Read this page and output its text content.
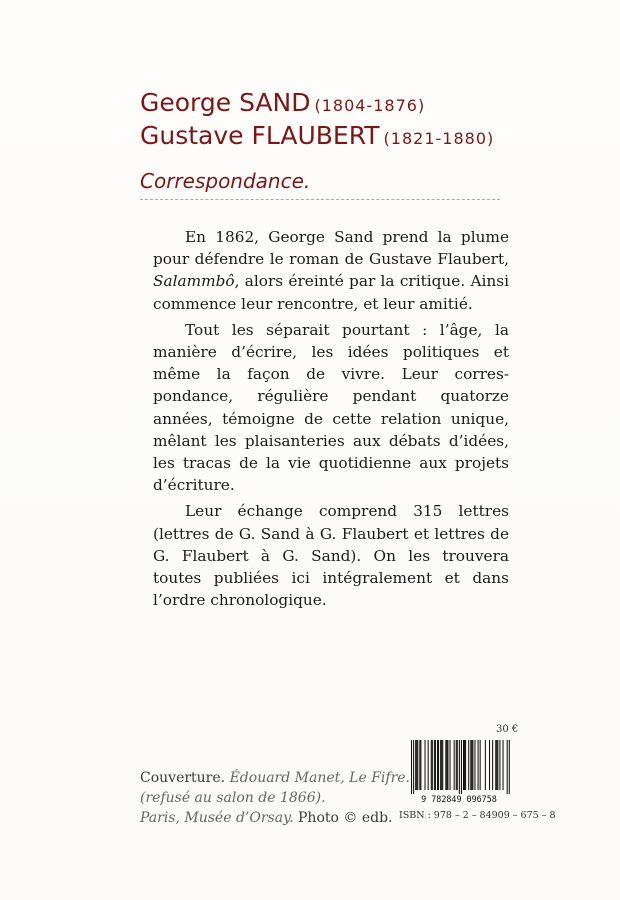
George SAND (1804-1876)
Gustave FLAUBERT (1821-1880)
Correspondance.

En 1862, George Sand prend la plume pour défendre le roman de Gustave Flaubert, Salammbô, alors éreinté par la critique. Ainsi commence leur rencontre, et leur amitié.

Tout les séparait pourtant : l’âge, la manière d’écrire, les idées politiques et même la façon de vivre. Leur correspondance, régulière pendant quatorze années, témoigne de cette relation unique, mêlant les plaisanteries aux débats d’idées, les tracas de la vie quotidienne aux projets d’écriture.

Leur échange comprend 315 lettres (lettres de G. Sand à G. Flaubert et lettres de G. Flaubert à G. Sand). On les trouvera toutes publiées ici intégralement et dans l’ordre chronologique.

Couverture. Édouard Manet, Le Fifre.
(refusé au salon de 1866).
Paris, Musée d’Orsay. Photo © edb.
30 €
9 782849 096758
ISBN : 978 – 2 – 84909 – 675 – 8
